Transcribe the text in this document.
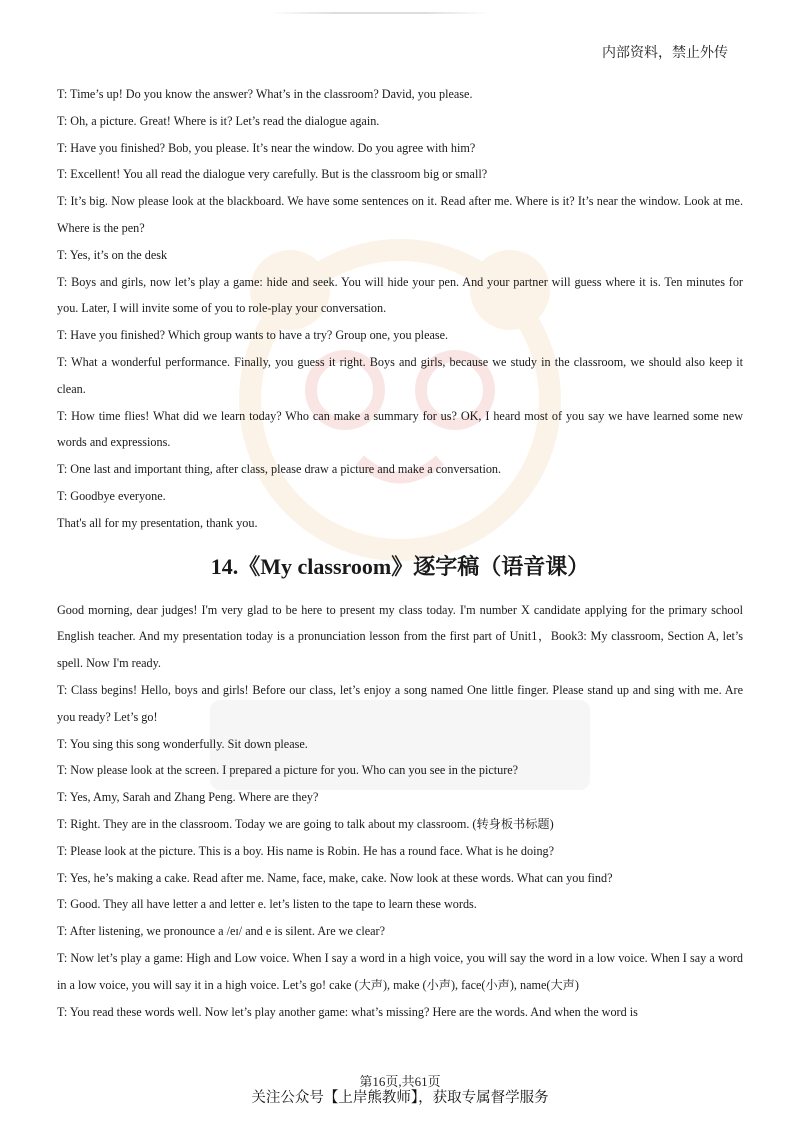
内部资料，禁止外传

T: Time’s up! Do you know the answer? What’s in the classroom? David, you please.

T: Oh, a picture. Great! Where is it? Let’s read the dialogue again.

T: Have you finished? Bob, you please. It’s near the window. Do you agree with him?

T: Excellent! You all read the dialogue very carefully. But is the classroom big or small?

T: It’s big. Now please look at the blackboard. We have some sentences on it. Read after me. Where is it? It’s near the window. Look at me. Where is the pen?

T: Yes, it’s on the desk

T: Boys and girls, now let’s play a game: hide and seek. You will hide your pen. And your partner will guess where it is. Ten minutes for you. Later, I will invite some of you to role-play your conversation.

T: Have you finished? Which group wants to have a try? Group one, you please.

T: What a wonderful performance. Finally, you guess it right. Boys and girls, because we study in the classroom, we should also keep it clean.

T: How time flies! What did we learn today? Who can make a summary for us? OK, I heard most of you say we have learned some new words and expressions.

T: One last and important thing, after class, please draw a picture and make a conversation.

T: Goodbye everyone.

That's all for my presentation, thank you.

14.《My classroom》逐字稿（语音课）

Good morning, dear judges! I'm very glad to be here to present my class today. I'm number X candidate applying for the primary school English teacher. And my presentation today is a pronunciation lesson from the first part of Unit1，Book3: My classroom, Section A, let’s spell. Now I'm ready.

T: Class begins! Hello, boys and girls! Before our class, let’s enjoy a song named One little finger. Please stand up and sing with me. Are you ready? Let’s go!

T: You sing this song wonderfully. Sit down please.

T: Now please look at the screen. I prepared a picture for you. Who can you see in the picture?

T: Yes, Amy, Sarah and Zhang Peng. Where are they?

T: Right. They are in the classroom. Today we are going to talk about my classroom. (转身板书标题)

T: Please look at the picture. This is a boy. His name is Robin. He has a round face. What is he doing?

T: Yes, he’s making a cake. Read after me. Name, face, make, cake. Now look at these words. What can you find?

T: Good. They all have letter a and letter e. let’s listen to the tape to learn these words.

T: After listening, we pronounce a /eɪ/ and e is silent. Are we clear?

T: Now let’s play a game: High and Low voice. When I say a word in a high voice, you will say the word in a low voice. When I say a word in a low voice, you will say it in a high voice. Let’s go! cake (大声), make (小声), face(小声), name(大声)

T: You read these words well. Now let’s play another game: what’s missing? Here are the words. And when the word is

第16页,共61页
关注公众号【上岸熊教师】，获取专属督学服务
